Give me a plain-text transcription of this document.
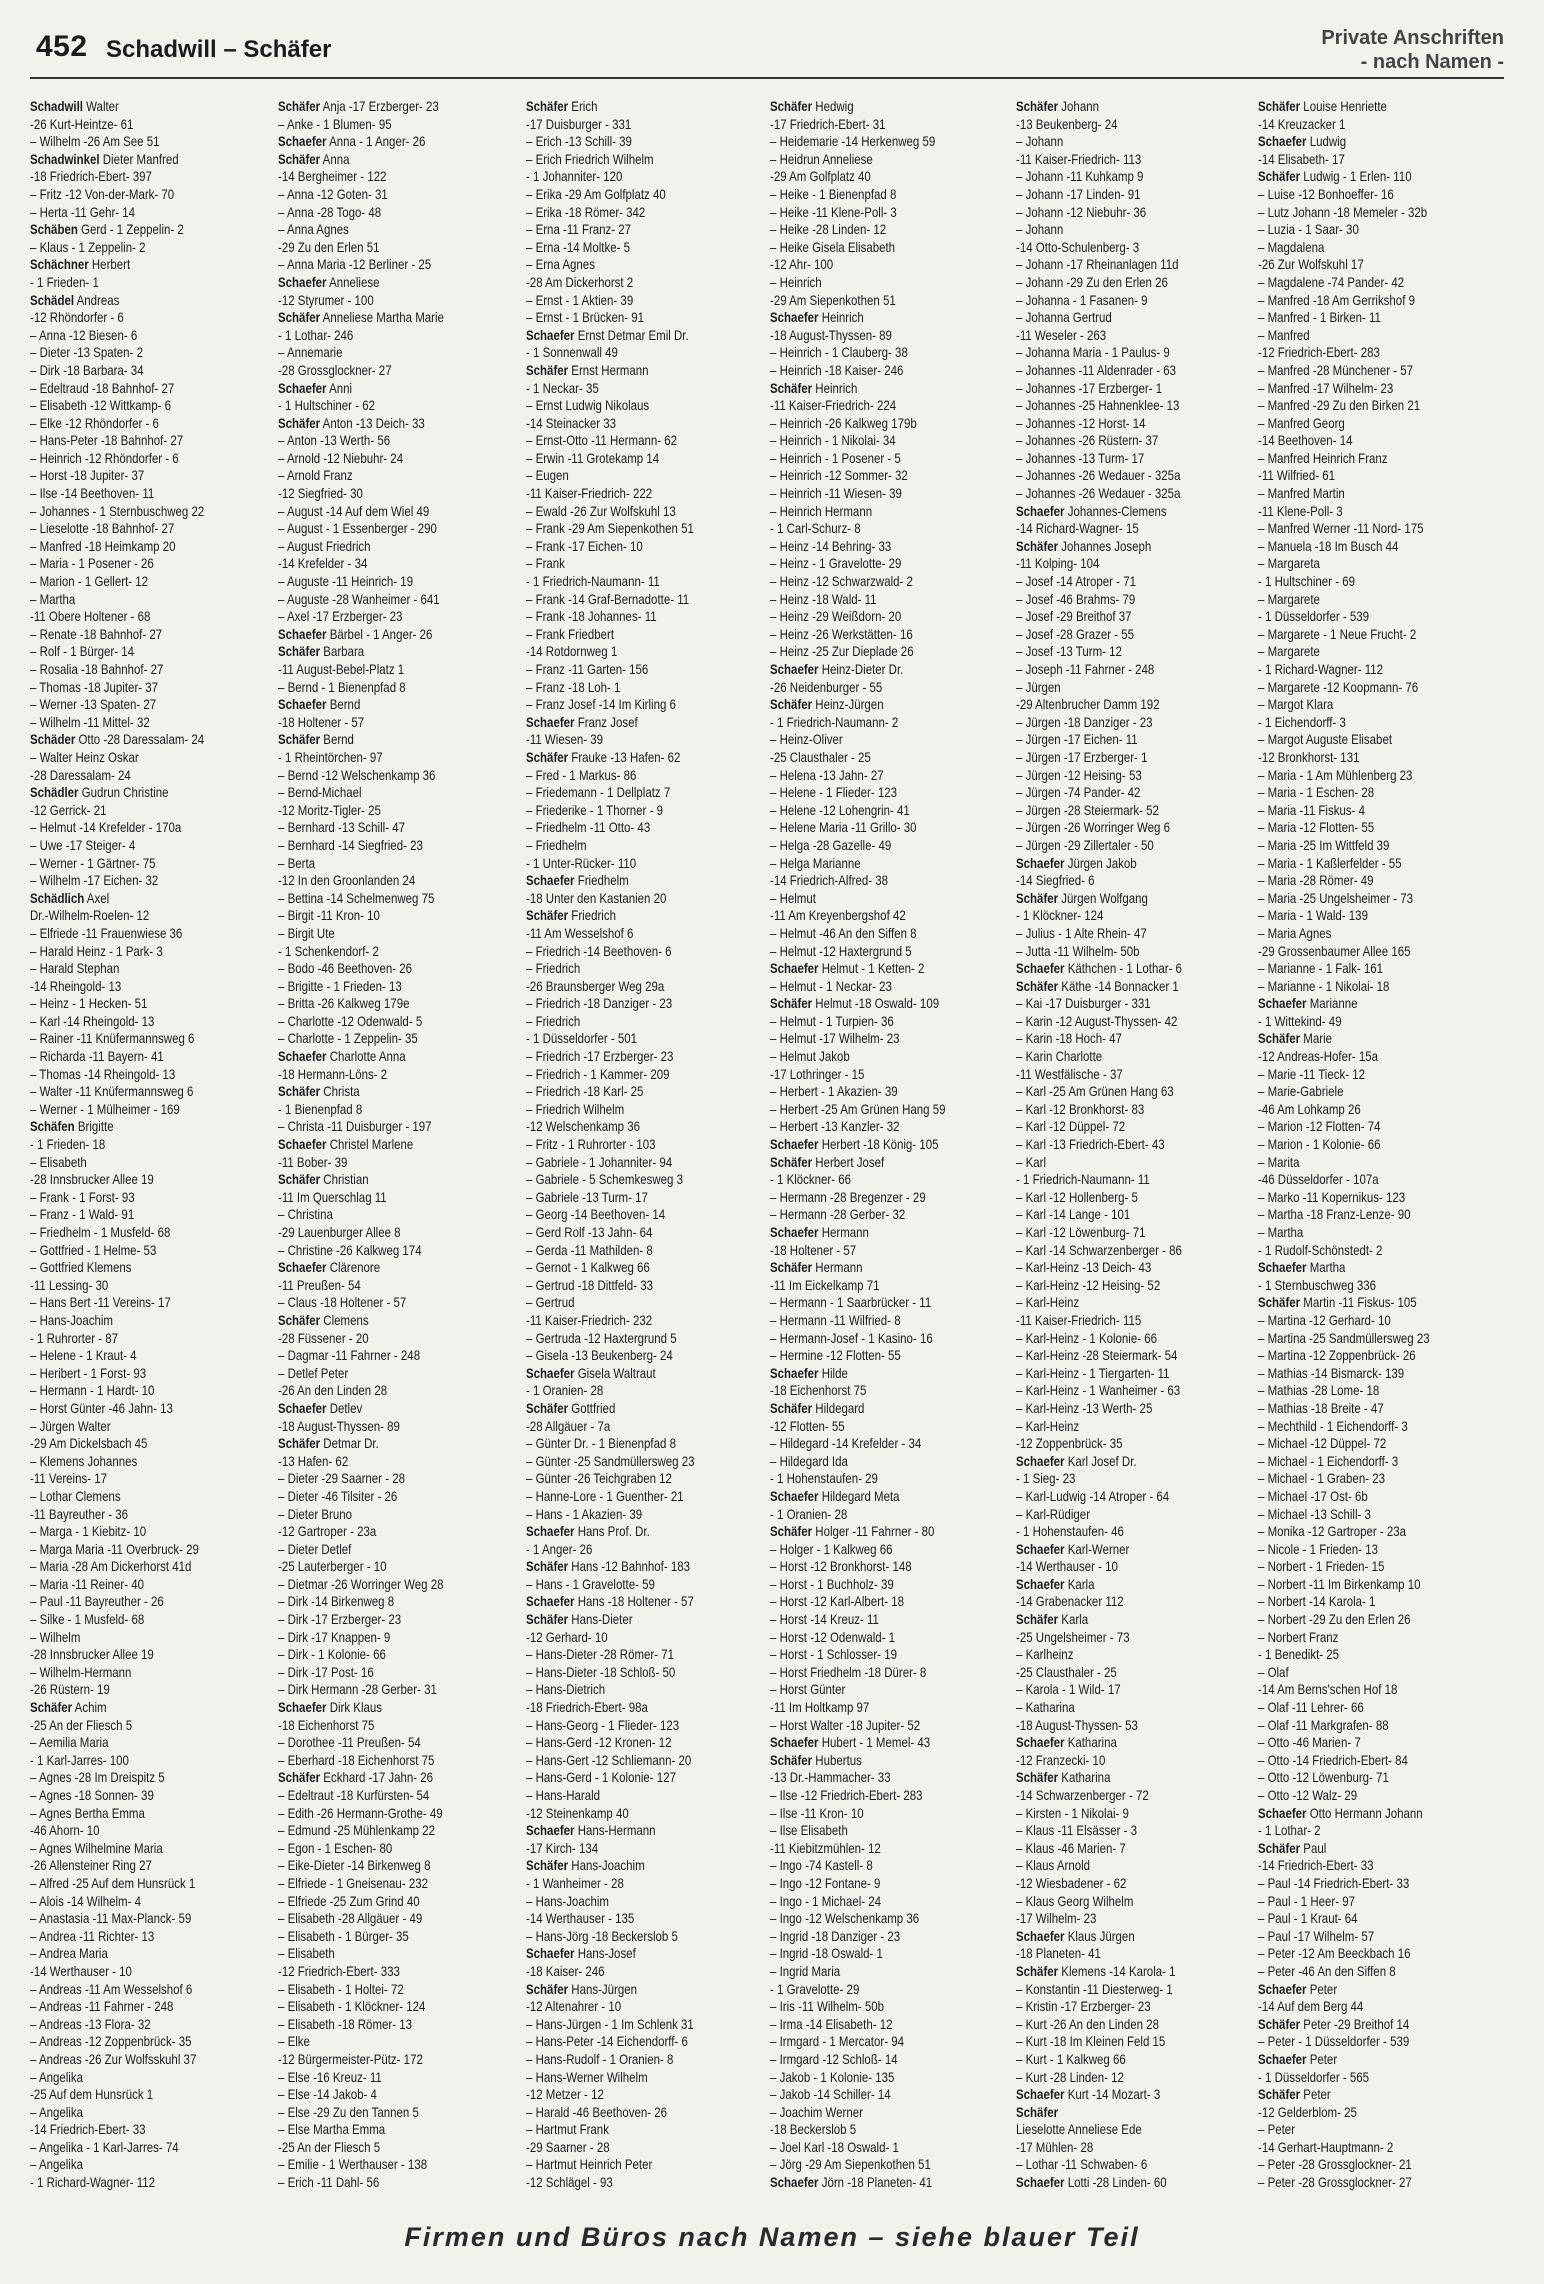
452 Schadwill – Schäfer	Private Anschriften
- nach Namen -
Schadwill Walter
-26 Kurt-Heintze- 61
– Wilhelm -26 Am See 51
Schadwinkel Dieter Manfred
-18 Friedrich-Ebert- 397
– Fritz -12 Von-der-Mark- 70
– Herta -11 Gehr- 14
Schäben Gerd - 1 Zeppelin- 2
– Klaus - 1 Zeppelin- 2
Schächner Herbert
- 1 Frieden- 1
Schädel Andreas
-12 Rhöndorfer - 6
– Anna -12 Biesen- 6
– Dieter -13 Spaten- 2
– Dirk -18 Barbara- 34
– Edeltraud -18 Bahnhof- 27
– Elisabeth -12 Wittkamp- 6
– Elke -12 Rhöndorfer - 6
– Hans-Peter -18 Bahnhof- 27
– Heinrich -12 Rhöndorfer - 6
– Horst -18 Jupiter- 37
– Ilse -14 Beethoven- 11
– Johannes - 1 Sternbuschweg 22
– Lieselotte -18 Bahnhof- 27
– Manfred -18 Heimkamp 20
– Maria - 1 Posener - 26
– Marion - 1 Gellert- 12
– Martha
-11 Obere Holtener - 68
– Renate -18 Bahnhof- 27
– Rolf - 1 Bürger- 14
– Rosalia -18 Bahnhof- 27
– Thomas -18 Jupiter- 37
– Werner -13 Spaten- 27
– Wilhelm -11 Mittel- 32
Schäder Otto -28 Daressalam- 24
– Walter Heinz Oskar
-28 Daressalam- 24
Schädler Gudrun Christine
-12 Gerrick- 21
– Helmut -14 Krefelder - 170a
– Uwe -17 Steiger- 4
– Werner - 1 Gärtner- 75
– Wilhelm -17 Eichen- 32
Schädlich Axel
Dr.-Wilhelm-Roelen- 12
– Elfriede -11 Frauenwiese 36
– Harald Heinz - 1 Park- 3
– Harald Stephan
-14 Rheingold- 13
– Heinz - 1 Hecken- 51
– Karl -14 Rheingold- 13
– Rainer -11 Knüfermannsweg 6
– Richarda -11 Bayern- 41
– Thomas -14 Rheingold- 13
– Walter -11 Knüfermannsweg 6
– Werner - 1 Mülheimer - 169
Schäfen Brigitte
- 1 Frieden- 18
– Elisabeth
-28 Innsbrucker Allee 19
– Frank - 1 Forst- 93
– Franz - 1 Wald- 91
– Friedhelm - 1 Musfeld- 68
– Gottfried - 1 Helme- 53
– Gottfried Klemens
-11 Lessing- 30
– Hans Bert -11 Vereins- 17
– Hans-Joachim
- 1 Ruhrorter - 87
– Helene - 1 Kraut- 4
– Heribert - 1 Forst- 93
– Hermann - 1 Hardt- 10
– Horst Günter -46 Jahn- 13
– Jürgen Walter
-29 Am Dickelsbach 45
– Klemens Johannes
-11 Vereins- 17
– Lothar Clemens
-11 Bayreuther - 36
– Marga - 1 Kiebitz- 10
– Marga Maria -11 Overbruck- 29
– Maria -28 Am Dickerhorst 41d
– Maria -11 Reiner- 40
– Paul -11 Bayreuther - 26
– Silke - 1 Musfeld- 68
– Wilhelm
-28 Innsbrucker Allee 19
– Wilhelm-Hermann
-26 Rüstern- 19
Schäfer Achim
-25 An der Fliesch 5
– Aemilia Maria
- 1 Karl-Jarres- 100
– Agnes -28 Im Dreispitz 5
– Agnes -18 Sonnen- 39
– Agnes Bertha Emma
-46 Ahorn- 10
– Agnes Wilhelmine Maria
-26 Allensteiner Ring 27
– Alfred -25 Auf dem Hunsrück 1
– Alois -14 Wilhelm- 4
– Anastasia -11 Max-Planck- 59
– Andrea -11 Richter- 13
– Andrea Maria
-14 Werthauser - 10
– Andreas -11 Am Wesselshof 6
– Andreas -11 Fahrner - 248
– Andreas -13 Flora- 32
– Andreas -12 Zoppenbrück- 35
– Andreas -26 Zur Wolfsskuhl 37
– Angelika
-25 Auf dem Hunsrück 1
– Angelika
-14 Friedrich-Ebert- 33
– Angelika - 1 Karl-Jarres- 74
– Angelika
- 1 Richard-Wagner- 112
Schäfer Anja -17 Erzberger- 23
– Anke - 1 Blumen- 95
Schaefer Anna - 1 Anger- 26
Schäfer Anna
-14 Bergheimer - 122
– Anna -12 Goten- 31
– Anna -28 Togo- 48
– Anna Agnes
-29 Zu den Erlen 51
– Anna Maria -12 Berliner - 25
Schaefer Anneliese
-12 Styrumer - 100
Schäfer Anneliese Martha Marie
- 1 Lothar- 246
– Annemarie
-28 Grossglockner- 27
Schaefer Anni
- 1 Hultschiner - 62
Schäfer Anton -13 Deich- 33
– Anton -13 Werth- 56
– Arnold -12 Niebuhr- 24
– Arnold Franz
-12 Siegfried- 30
– August -14 Auf dem Wiel 49
– August - 1 Essenberger - 290
– August Friedrich
-14 Krefelder - 34
– Auguste -11 Heinrich- 19
– Auguste -28 Wanheimer - 641
– Axel -17 Erzberger- 23
Schaefer Bärbel - 1 Anger- 26
Schäfer Barbara
-11 August-Bebel-Platz 1
– Bernd - 1 Bienenpfad 8
Schaefer Bernd
-18 Holtener - 57
Schäfer Bernd
- 1 Rheintörchen- 97
– Bernd -12 Welschenkamp 36
– Bernd-Michael
-12 Moritz-Tigler- 25
– Bernhard -13 Schill- 47
– Bernhard -14 Siegfried- 23
– Berta
-12 In den Groonlanden 24
– Bettina -14 Schelmenweg 75
– Birgit -11 Kron- 10
– Birgit Ute
- 1 Schenkendorf- 2
– Bodo -46 Beethoven- 26
– Brigitte - 1 Frieden- 13
– Britta -26 Kalkweg 179e
– Charlotte -12 Odenwald- 5
– Charlotte - 1 Zeppelin- 35
Schaefer Charlotte Anna
-18 Hermann-Löns- 2
Schäfer Christa
- 1 Bienenpfad 8
– Christa -11 Duisburger - 197
Schaefer Christel Marlene
-11 Bober- 39
Schäfer Christian
-11 Im Querschlag 11
– Christina
-29 Lauenburger Allee 8
– Christine -26 Kalkweg 174
Schaefer Clärenore
-11 Preußen- 54
– Claus -18 Holtener - 57
Schäfer Clemens
-28 Füssener - 20
– Dagmar -11 Fahrner - 248
– Detlef Peter
-26 An den Linden 28
Schaefer Detlev
-18 August-Thyssen- 89
Schäfer Detmar Dr.
-13 Hafen- 62
– Dieter -29 Saarner - 28
– Dieter -46 Tilsiter - 26
– Dieter Bruno
-12 Gartroper - 23a
– Dieter Detlef
-25 Lauterberger - 10
– Dietmar -26 Worringer Weg 28
– Dirk -14 Birkenweg 8
– Dirk -17 Erzberger- 23
– Dirk -17 Knappen- 9
– Dirk - 1 Kolonie- 66
– Dirk -17 Post- 16
– Dirk Hermann -28 Gerber- 31
Schaefer Dirk Klaus
-18 Eichenhorst 75
– Dorothee -11 Preußen- 54
– Eberhard -18 Eichenhorst 75
Schäfer Eckhard -17 Jahn- 26
– Edeltraut -18 Kurfürsten- 54
– Edith -26 Hermann-Grothe- 49
– Edmund -25 Mühlenkamp 22
– Egon - 1 Eschen- 80
– Eike-Dieter -14 Birkenweg 8
– Elfriede - 1 Gneisenau- 232
– Elfriede -25 Zum Grind 40
– Elisabeth -28 Allgäuer - 49
– Elisabeth - 1 Bürger- 35
– Elisabeth
-12 Friedrich-Ebert- 333
– Elisabeth - 1 Holtei- 72
– Elisabeth - 1 Klöckner- 124
– Elisabeth -18 Römer- 13
– Elke
-12 Bürgermeister-Pütz- 172
– Else -16 Kreuz- 11
– Else -14 Jakob- 4
– Else -29 Zu den Tannen 5
– Else Martha Emma
-25 An der Fliesch 5
– Emilie - 1 Werthauser - 138
– Erich -11 Dahl- 56
Schäfer Erich
-17 Duisburger - 331
– Erich -13 Schill- 39
– Erich Friedrich Wilhelm
- 1 Johanniter- 120
– Erika -29 Am Golfplatz 40
– Erika -18 Römer- 342
– Erna -11 Franz- 27
– Erna -14 Moltke- 5
– Erna Agnes
-28 Am Dickerhorst 2
– Ernst - 1 Aktien- 39
– Ernst - 1 Brücken- 91
Schaefer Ernst Detmar Emil Dr.
- 1 Sonnenwall 49
Schäfer Ernst Hermann
- 1 Neckar- 35
– Ernst Ludwig Nikolaus
-14 Steinacker 33
– Ernst-Otto -11 Hermann- 62
– Erwin -11 Grotekamp 14
– Eugen
-11 Kaiser-Friedrich- 222
– Ewald -26 Zur Wolfskuhl 13
– Frank -29 Am Siepenkothen 51
– Frank -17 Eichen- 10
– Frank
- 1 Friedrich-Naumann- 11
– Frank -14 Graf-Bernadotte- 11
– Frank -18 Johannes- 11
– Frank Friedbert
-14 Rotdornweg 1
– Franz -11 Garten- 156
– Franz -18 Loh- 1
– Franz Josef -14 Im Kirling 6
Schaefer Franz Josef
-11 Wiesen- 39
Schäfer Frauke -13 Hafen- 62
– Fred - 1 Markus- 86
– Friedemann - 1 Dellplatz 7
– Friederike - 1 Thorner - 9
– Friedhelm -11 Otto- 43
– Friedhelm
- 1 Unter-Rücker- 110
Schaefer Friedhelm
-18 Unter den Kastanien 20
Schäfer Friedrich
-11 Am Wesselshof 6
– Friedrich -14 Beethoven- 6
– Friedrich
-26 Braunsberger Weg 29a
– Friedrich -18 Danziger - 23
– Friedrich
- 1 Düsseldorfer - 501
– Friedrich -17 Erzberger- 23
– Friedrich - 1 Kammer- 209
– Friedrich -18 Karl- 25
– Friedrich Wilhelm
-12 Welschenkamp 36
– Fritz - 1 Ruhrorter - 103
– Gabriele - 1 Johanniter- 94
– Gabriele - 5 Schemkesweg 3
– Gabriele -13 Turm- 17
– Georg -14 Beethoven- 14
– Gerd Rolf -13 Jahn- 64
– Gerda -11 Mathilden- 8
– Gernot - 1 Kalkweg 66
– Gertrud -18 Dittfeld- 33
– Gertrud
-11 Kaiser-Friedrich- 232
– Gertruda -12 Haxtergrund 5
– Gisela -13 Beukenberg- 24
Schaefer Gisela Waltraut
- 1 Oranien- 28
Schäfer Gottfried
-28 Allgäuer - 7a
– Günter Dr. - 1 Bienenpfad 8
– Günter -25 Sandmüllersweg 23
– Günter -26 Teichgraben 12
– Hanne-Lore - 1 Guenther- 21
– Hans - 1 Akazien- 39
Schaefer Hans Prof. Dr.
- 1 Anger- 26
Schäfer Hans -12 Bahnhof- 183
– Hans - 1 Gravelotte- 59
Schaefer Hans -18 Holtener - 57
Schäfer Hans-Dieter
-12 Gerhard- 10
– Hans-Dieter -28 Römer- 71
– Hans-Dieter -18 Schloß- 50
– Hans-Dietrich
-18 Friedrich-Ebert- 98a
– Hans-Georg - 1 Flieder- 123
– Hans-Gerd -12 Kronen- 12
– Hans-Gert -12 Schliemann- 20
– Hans-Gerd - 1 Kolonie- 127
– Hans-Harald
-12 Steinenkamp 40
Schaefer Hans-Hermann
-17 Kirch- 134
Schäfer Hans-Joachim
- 1 Wanheimer - 28
– Hans-Joachim
-14 Werthauser - 135
– Hans-Jörg -18 Beckerslob 5
Schaefer Hans-Josef
-18 Kaiser- 246
Schäfer Hans-Jürgen
-12 Altenahrer - 10
– Hans-Jürgen - 1 Im Schlenk 31
– Hans-Peter -14 Eichendorff- 6
– Hans-Rudolf - 1 Oranien- 8
– Hans-Werner Wilhelm
-12 Metzer - 12
– Harald -46 Beethoven- 26
– Hartmut Frank
-29 Saarner - 28
– Hartmut Heinrich Peter
-12 Schlägel - 93
Schäfer Hedwig
-17 Friedrich-Ebert- 31
– Heidemarie -14 Herkenweg 59
– Heidrun Anneliese
-29 Am Golfplatz 40
– Heike - 1 Bienenpfad 8
– Heike -11 Klene-Poll- 3
– Heike -28 Linden- 12
– Heike Gisela Elisabeth
-12 Ahr- 100
– Heinrich
-29 Am Siepenkothen 51
Schaefer Heinrich
-18 August-Thyssen- 89
– Heinrich - 1 Clauberg- 38
– Heinrich -18 Kaiser- 246
Schäfer Heinrich
-11 Kaiser-Friedrich- 224
– Heinrich -26 Kalkweg 179b
– Heinrich - 1 Nikolai- 34
– Heinrich - 1 Posener - 5
– Heinrich -12 Sommer- 32
– Heinrich -11 Wiesen- 39
– Heinrich Hermann
- 1 Carl-Schurz- 8
– Heinz -14 Behring- 33
– Heinz - 1 Gravelotte- 29
– Heinz -12 Schwarzwald- 2
– Heinz -18 Wald- 11
– Heinz -29 Weißdorn- 20
– Heinz -26 Werkstätten- 16
– Heinz -25 Zur Dieplade 26
Schaefer Heinz-Dieter Dr.
-26 Neidenburger - 55
Schäfer Heinz-Jürgen
- 1 Friedrich-Naumann- 2
– Heinz-Oliver
-25 Clausthaler - 25
– Helena -13 Jahn- 27
– Helene - 1 Flieder- 123
– Helene -12 Lohengrin- 41
– Helene Maria -11 Grillo- 30
– Helga -28 Gazelle- 49
– Helga Marianne
-14 Friedrich-Alfred- 38
– Helmut
-11 Am Kreyenbergshof 42
– Helmut -46 An den Siffen 8
– Helmut -12 Haxtergrund 5
Schaefer Helmut - 1 Ketten- 2
– Helmut - 1 Neckar- 23
Schäfer Helmut -18 Oswald- 109
– Helmut - 1 Turpien- 36
– Helmut -17 Wilhelm- 23
– Helmut Jakob
-17 Lothringer - 15
– Herbert - 1 Akazien- 39
– Herbert -25 Am Grünen Hang 59
– Herbert -13 Kanzler- 32
Schaefer Herbert -18 König- 105
Schäfer Herbert Josef
- 1 Klöckner- 66
– Hermann -28 Bregenzer - 29
– Hermann -28 Gerber- 32
Schaefer Hermann
-18 Holtener - 57
Schäfer Hermann
-11 Im Eickelkamp 71
– Hermann - 1 Saarbrücker - 11
– Hermann -11 Wilfried- 8
– Hermann-Josef - 1 Kasino- 16
– Hermine -12 Flotten- 55
Schaefer Hilde
-18 Eichenhorst 75
Schäfer Hildegard
-12 Flotten- 55
– Hildegard -14 Krefelder - 34
– Hildegard Ida
- 1 Hohenstaufen- 29
Schaefer Hildegard Meta
- 1 Oranien- 28
Schäfer Holger -11 Fahrner - 80
– Holger - 1 Kalkweg 66
– Horst -12 Bronkhorst- 148
– Horst - 1 Buchholz- 39
– Horst -12 Karl-Albert- 18
– Horst -14 Kreuz- 11
– Horst -12 Odenwald- 1
– Horst - 1 Schlosser- 19
– Horst Friedhelm -18 Dürer- 8
– Horst Günter
-11 Im Holtkamp 97
– Horst Walter -18 Jupiter- 52
Schaefer Hubert - 1 Memel- 43
Schäfer Hubertus
-13 Dr.-Hammacher- 33
– Ilse -12 Friedrich-Ebert- 283
– Ilse -11 Kron- 10
– Ilse Elisabeth
-11 Kiebitzmühlen- 12
– Ingo -74 Kastell- 8
– Ingo -12 Fontane- 9
– Ingo - 1 Michael- 24
– Ingo -12 Welschenkamp 36
– Ingrid -18 Danziger - 23
– Ingrid -18 Oswald- 1
– Ingrid Maria
- 1 Gravelotte- 29
– Iris -11 Wilhelm- 50b
– Irma -14 Elisabeth- 12
– Irmgard - 1 Mercator- 94
– Irmgard -12 Schloß- 14
– Jakob - 1 Kolonie- 135
– Jakob -14 Schiller- 14
– Joachim Werner
-18 Beckerslob 5
– Joel Karl -18 Oswald- 1
– Jörg -29 Am Siepenkothen 51
Schaefer Jörn -18 Planeten- 41
Schäfer Johann
-13 Beukenberg- 24
– Johann
-11 Kaiser-Friedrich- 113
– Johann -11 Kuhkamp 9
– Johann -17 Linden- 91
– Johann -12 Niebuhr- 36
– Johann
-14 Otto-Schulenberg- 3
– Johann -17 Rheinanlagen 11d
– Johann -29 Zu den Erlen 26
– Johanna - 1 Fasanen- 9
– Johanna Gertrud
-11 Weseler - 263
– Johanna Maria - 1 Paulus- 9
– Johannes -11 Aldenrader - 63
– Johannes -17 Erzberger- 1
– Johannes -25 Hahnenklee- 13
– Johannes -12 Horst- 14
– Johannes -26 Rüstern- 37
– Johannes -13 Turm- 17
– Johannes -26 Wedauer - 325a
– Johannes -26 Wedauer - 325a
Schaefer Johannes-Clemens
-14 Richard-Wagner- 15
Schäfer Johannes Joseph
-11 Kolping- 104
– Josef -14 Atroper - 71
– Josef -46 Brahms- 79
– Josef -29 Breithof 37
– Josef -28 Grazer - 55
– Josef -13 Turm- 12
– Joseph -11 Fahrner - 248
– Jürgen
-29 Altenbrucher Damm 192
– Jürgen -18 Danziger - 23
– Jürgen -17 Eichen- 11
– Jürgen -17 Erzberger- 1
– Jürgen -12 Heising- 53
– Jürgen -74 Pander- 42
– Jürgen -28 Steiermark- 52
– Jürgen -26 Worringer Weg 6
– Jürgen -29 Zillertaler - 50
Schaefer Jürgen Jakob
-14 Siegfried- 6
Schäfer Jürgen Wolfgang
- 1 Klöckner- 124
– Julius - 1 Alte Rhein- 47
– Jutta -11 Wilhelm- 50b
Schaefer Käthchen - 1 Lothar- 6
Schäfer Käthe -14 Bonnacker 1
– Kai -17 Duisburger - 331
– Karin -12 August-Thyssen- 42
– Karin -18 Hoch- 47
– Karin Charlotte
-11 Westfälische - 37
– Karl -25 Am Grünen Hang 63
– Karl -12 Bronkhorst- 83
– Karl -12 Düppel- 72
– Karl -13 Friedrich-Ebert- 43
– Karl
- 1 Friedrich-Naumann- 11
– Karl -12 Hollenberg- 5
– Karl -14 Lange - 101
– Karl -12 Löwenburg- 71
– Karl -14 Schwarzenberger - 86
– Karl-Heinz -13 Deich- 43
– Karl-Heinz -12 Heising- 52
– Karl-Heinz
-11 Kaiser-Friedrich- 115
– Karl-Heinz - 1 Kolonie- 66
– Karl-Heinz -28 Steiermark- 54
– Karl-Heinz - 1 Tiergarten- 11
– Karl-Heinz - 1 Wanheimer - 63
– Karl-Heinz -13 Werth- 25
– Karl-Heinz
-12 Zoppenbrück- 35
Schaefer Karl Josef Dr.
- 1 Sieg- 23
– Karl-Ludwig -14 Atroper - 64
– Karl-Rüdiger
- 1 Hohenstaufen- 46
Schaefer Karl-Werner
-14 Werthauser - 10
Schaefer Karla
-14 Grabenacker 112
Schäfer Karla
-25 Ungelsheimer - 73
– Karlheinz
-25 Clausthaler - 25
– Karola - 1 Wild- 17
– Katharina
-18 August-Thyssen- 53
Schaefer Katharina
-12 Franzecki- 10
Schäfer Katharina
-14 Schwarzenberger - 72
– Kirsten - 1 Nikolai- 9
– Klaus -11 Elsässer - 3
– Klaus -46 Marien- 7
– Klaus Arnold
-12 Wiesbadener - 62
– Klaus Georg Wilhelm
-17 Wilhelm- 23
Schaefer Klaus Jürgen
-18 Planeten- 41
Schäfer Klemens -14 Karola- 1
– Konstantin -11 Diesterweg- 1
– Kristin -17 Erzberger- 23
– Kurt -26 An den Linden 28
– Kurt -18 Im Kleinen Feld 15
– Kurt - 1 Kalkweg 66
– Kurt -28 Linden- 12
Schaefer Kurt -14 Mozart- 3
Schäfer
Lieselotte Anneliese Ede
-17 Mühlen- 28
– Lothar -11 Schwaben- 6
Schaefer Lotti -28 Linden- 60
Schäfer Louise Henriette
-14 Kreuzacker 1
Schaefer Ludwig
-14 Elisabeth- 17
Schäfer Ludwig - 1 Erlen- 110
– Luise -12 Bonhoeffer- 16
– Lutz Johann -18 Memeler - 32b
– Luzia - 1 Saar- 30
– Magdalena
-26 Zur Wolfskuhl 17
– Magdalene -74 Pander- 42
– Manfred -18 Am Gerrikshof 9
– Manfred - 1 Birken- 11
– Manfred
-12 Friedrich-Ebert- 283
– Manfred -28 Münchener - 57
– Manfred -17 Wilhelm- 23
– Manfred -29 Zu den Birken 21
– Manfred Georg
-14 Beethoven- 14
– Manfred Heinrich Franz
-11 Wilfried- 61
– Manfred Martin
-11 Klene-Poll- 3
– Manfred Werner -11 Nord- 175
– Manuela -18 Im Busch 44
– Margareta
- 1 Hultschiner - 69
– Margarete
- 1 Düsseldorfer - 539
– Margarete - 1 Neue Frucht- 2
– Margarete
- 1 Richard-Wagner- 112
– Margarete -12 Koopmann- 76
– Margot Klara
- 1 Eichendorff- 3
– Margot Auguste Elisabet
-12 Bronkhorst- 131
– Maria - 1 Am Mühlenberg 23
– Maria - 1 Eschen- 28
– Maria -11 Fiskus- 4
– Maria -12 Flotten- 55
– Maria -25 Im Wittfeld 39
– Maria - 1 Kaßlerfelder - 55
– Maria -28 Römer- 49
– Maria -25 Ungelsheimer - 73
– Maria - 1 Wald- 139
– Maria Agnes
-29 Grossenbaumer Allee 165
– Marianne - 1 Falk- 161
– Marianne - 1 Nikolai- 18
Schaefer Marianne
- 1 Wittekind- 49
Schäfer Marie
-12 Andreas-Hofer- 15a
– Marie -11 Tieck- 12
– Marie-Gabriele
-46 Am Lohkamp 26
– Marion -12 Flotten- 74
– Marion - 1 Kolonie- 66
– Marita
-46 Düsseldorfer - 107a
– Marko -11 Kopernikus- 123
– Martha -18 Franz-Lenze- 90
– Martha
- 1 Rudolf-Schönstedt- 2
Schaefer Martha
- 1 Sternbuschweg 336
Schäfer Martin -11 Fiskus- 105
– Martina -12 Gerhard- 10
– Martina -25 Sandmüllersweg 23
– Martina -12 Zoppenbrück- 26
– Mathias -14 Bismarck- 139
– Mathias -28 Lome- 18
– Mathias -18 Breite - 47
– Mechthild - 1 Eichendorff- 3
– Michael -12 Düppel- 72
– Michael - 1 Eichendorff- 3
– Michael - 1 Graben- 23
– Michael -17 Ost- 6b
– Michael -13 Schill- 3
– Monika -12 Gartroper - 23a
– Nicole - 1 Frieden- 13
– Norbert - 1 Frieden- 15
– Norbert -11 Im Birkenkamp 10
– Norbert -14 Karola- 1
– Norbert -29 Zu den Erlen 26
– Norbert Franz
- 1 Benedikt- 25
– Olaf
-14 Am Berns'schen Hof 18
– Olaf -11 Lehrer- 66
– Olaf -11 Markgrafen- 88
– Otto -46 Marien- 7
– Otto -14 Friedrich-Ebert- 84
– Otto -12 Löwenburg- 71
– Otto -12 Walz- 29
Schaefer Otto Hermann Johann
- 1 Lothar- 2
Schäfer Paul
-14 Friedrich-Ebert- 33
– Paul -14 Friedrich-Ebert- 33
– Paul - 1 Heer- 97
– Paul - 1 Kraut- 64
– Paul -17 Wilhelm- 57
– Peter -12 Am Beeckbach 16
– Peter -46 An den Siffen 8
Schaefer Peter
-14 Auf dem Berg 44
Schäfer Peter -29 Breithof 14
– Peter - 1 Düsseldorfer - 539
Schaefer Peter
- 1 Düsseldorfer - 565
Schäfer Peter
-12 Gelderblom- 25
– Peter
-14 Gerhart-Hauptmann- 2
– Peter -28 Grossglockner- 21
– Peter -28 Grossglockner- 27
Firmen und Büros nach Namen – siehe blauer Teil
